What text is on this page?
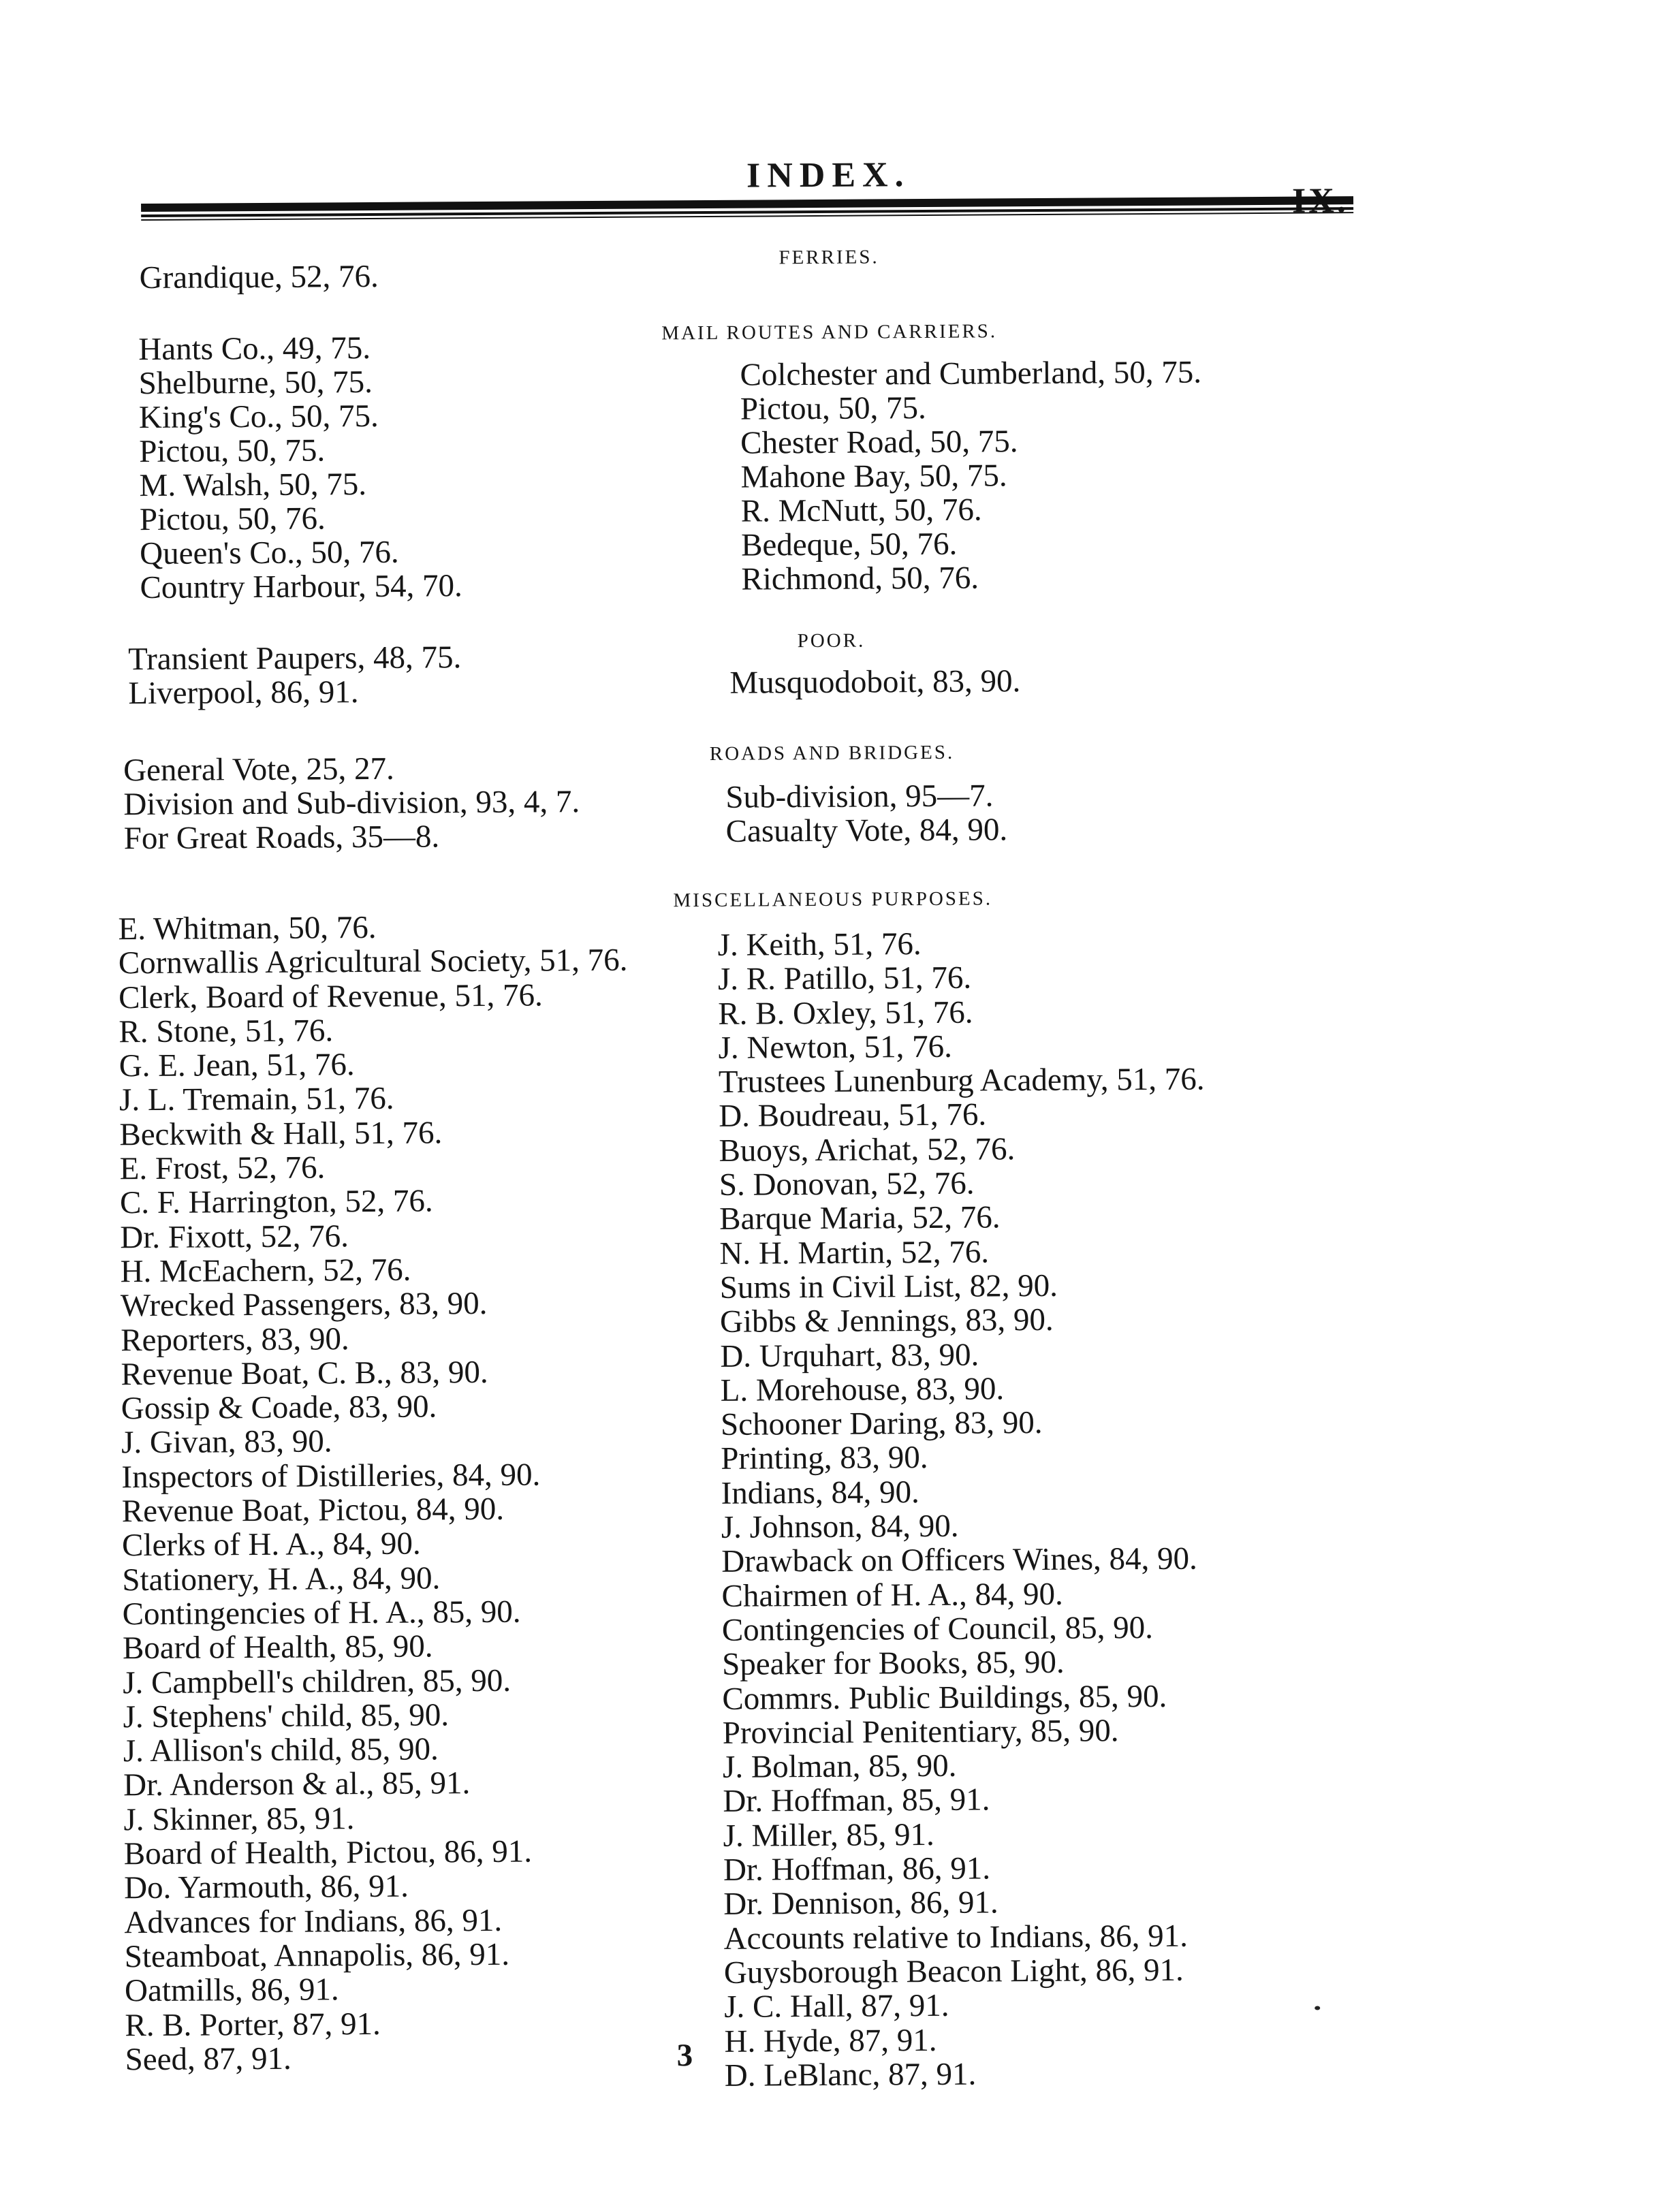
INDEX.
FERRIES.
Grandique, 52, 76.
MAIL ROUTES AND CARRIERS.
Hants Co., 49, 75.
Shelburne, 50, 75.
King's Co., 50, 75.
Pictou, 50, 75.
M. Walsh, 50, 75.
Pictou, 50, 76.
Queen's Co., 50, 76.
Country Harbour, 54, 70.
Colchester and Cumberland, 50, 75.
Pictou, 50, 75.
Chester Road, 50, 75.
Mahone Bay, 50, 75.
R. McNutt, 50, 76.
Bedeque, 50, 76.
Richmond, 50, 76.
POOR.
Transient Paupers, 48, 75.
Liverpool, 86, 91.	Musquodoboit, 83, 90.
ROADS AND BRIDGES.
General Vote, 25, 27.
Division and Sub-division, 93, 4, 7.
For Great Roads, 35—8.
Sub-division, 95—7.
Casualty Vote, 84, 90.
MISCELLANEOUS PURPOSES.
E. Whitman, 50, 76.
Cornwallis Agricultural Society, 51, 76.
Clerk, Board of Revenue, 51, 76.
R. Stone, 51, 76.
G. E. Jean, 51, 76.
J. L. Tremain, 51, 76.
Beckwith & Hall, 51, 76.
E. Frost, 52, 76.
C. F. Harrington, 52, 76.
Dr. Fixott, 52, 76.
H. McEachern, 52, 76.
Wrecked Passengers, 83, 90.
Reporters, 83, 90.
Revenue Boat, C. B., 83, 90.
Gossip & Coade, 83, 90.
J. Givan, 83, 90.
Inspectors of Distilleries, 84, 90.
Revenue Boat, Pictou, 84, 90.
Clerks of H. A., 84, 90.
Stationery, H. A., 84, 90.
Contingencies of H. A., 85, 90.
Board of Health, 85, 90.
J. Campbell's children, 85, 90.
J. Stephens' child, 85, 90.
J. Allison's child, 85, 90.
Dr. Anderson & al., 85, 91.
J. Skinner, 85, 91.
Board of Health, Pictou, 86, 91.
Do. Yarmouth, 86, 91.
Advances for Indians, 86, 91.
Steamboat, Annapolis, 86, 91.
Oatmills, 86, 91.
R. B. Porter, 87, 91.
Seed, 87, 91.
J. Keith, 51, 76.
J. R. Patillo, 51, 76.
R. B. Oxley, 51, 76.
J. Newton, 51, 76.
Trustees Lunenburg Academy, 51, 76.
D. Boudreau, 51, 76.
Buoys, Arichat, 52, 76.
S. Donovan, 52, 76.
Barque Maria, 52, 76.
N. H. Martin, 52, 76.
Sums in Civil List, 82, 90.
Gibbs & Jennings, 83, 90.
D. Urquhart, 83, 90.
L. Morehouse, 83, 90.
Schooner Daring, 83, 90.
Printing, 83, 90.
Indians, 84, 90.
J. Johnson, 84, 90.
Drawback on Officers Wines, 84, 90.
Chairmen of H. A., 84, 90.
Contingencies of Council, 85, 90.
Speaker for Books, 85, 90.
Commrs. Public Buildings, 85, 90.
Provincial Penitentiary, 85, 90.
J. Bolman, 85, 90.
Dr. Hoffman, 85, 91.
J. Miller, 85, 91.
Dr. Hoffman, 86, 91.
Dr. Dennison, 86, 91.
Accounts relative to Indians, 86, 91.
Guysborough Beacon Light, 86, 91.
J. C. Hall, 87, 91.
H. Hyde, 87, 91.
D. LeBlanc, 87, 91.
3
